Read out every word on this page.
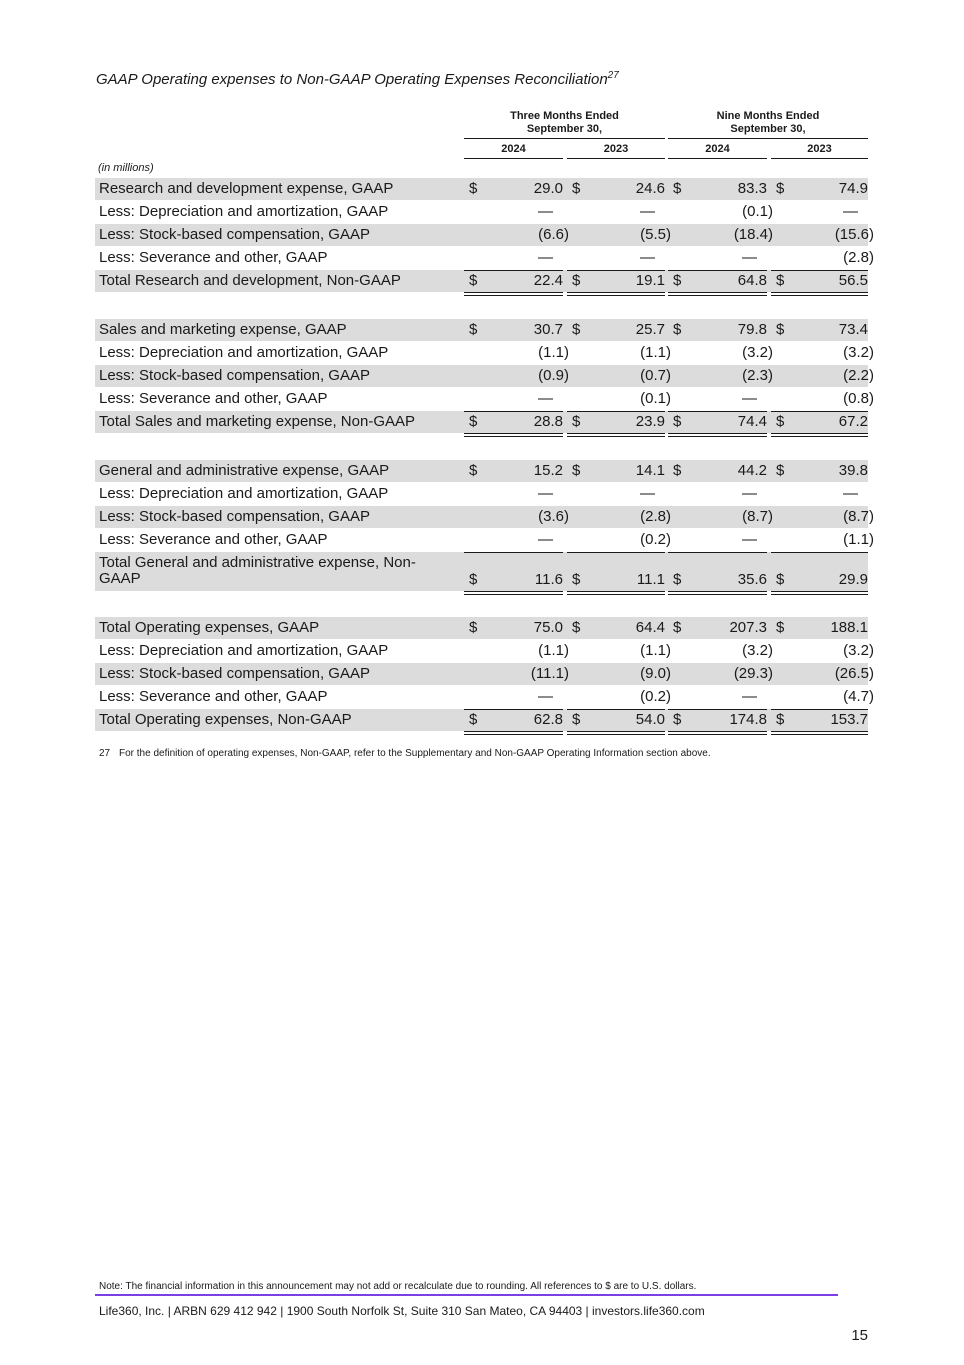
GAAP Operating expenses to Non-GAAP Operating Expenses Reconciliation$^{27}$
Three Months Ended
September 30,
Nine Months Ended
September 30,
2024	2023	2024	2023
(in millions)
Research and development expense, GAAP	$	29.0 $	24.6 $	83.3 $	74.9
Less: Depreciation and amortization, GAAP	—	—	(0.1)	—
Less: Stock-based compensation, GAAP	(6.6)	(5.5)	(18.4)	(15.6)
Less: Severance and other, GAAP	—	—	—	(2.8)
Total Research and development, Non-GAAP	$	22.4 $	19.1 $	64.8 $	56.5
Sales and marketing expense, GAAP	$	30.7 $	25.7 $	79.8 $	73.4
Less: Depreciation and amortization, GAAP	(1.1)	(1.1)	(3.2)	(3.2)
Less: Stock-based compensation, GAAP	(0.9)	(0.7)	(2.3)	(2.2)
Less: Severance and other, GAAP	—	(0.1)	—	(0.8)
Total Sales and marketing expense, Non-GAAP	$	28.8 $	23.9 $	74.4 $	67.2
General and administrative expense, GAAP	$	15.2 $	14.1 $	44.2 $	39.8
Less: Depreciation and amortization, GAAP	—	—	—	—
Less: Stock-based compensation, GAAP	(3.6)	(2.8)	(8.7)	(8.7)
Less: Severance and other, GAAP	—	(0.2)	—	(1.1)
Total General and administrative expense, Non-
GAAP	$	11.6 $	11.1 $	35.6 $	29.9
Total Operating expenses, GAAP	$	75.0 $	64.4 $	207.3 $	188.1
Less: Depreciation and amortization, GAAP	(1.1)	(1.1)	(3.2)	(3.2)
Less: Stock-based compensation, GAAP	(11.1)	(9.0)	(29.3)	(26.5)
Less: Severance and other, GAAP	—	(0.2)	—	(4.7)
Total Operating expenses, Non-GAAP	$	62.8 $	54.0 $	174.8 $	153.7
27 For the definition of operating expenses, Non-GAAP, refer to the Supplementary and Non-GAAP Operating Information section above.
Note: The financial information in this announcement may not add or recalculate due to rounding. All references to $ are to U.S. dollars.
Life360, Inc. | ARBN 629 412 942 | 1900 South Norfolk St, Suite 310 San Mateo, CA 94403 | investors.life360.com
15
